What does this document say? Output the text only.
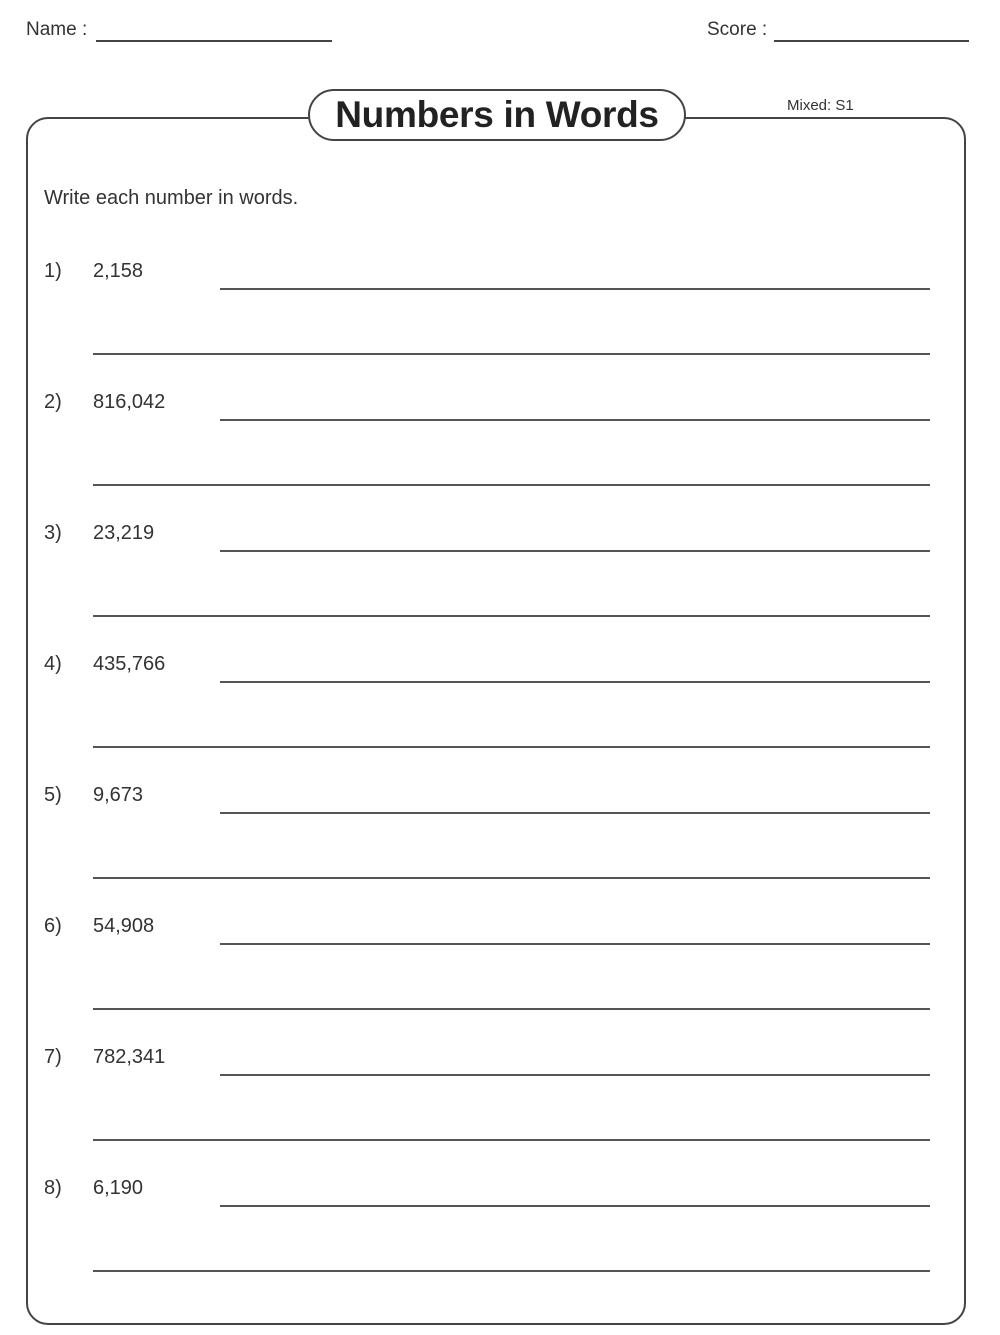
Name :	Score :
Numbers in Words	Mixed: S1
Write each number in words.
1) 2,158
2) 816,042
3) 23,219
4) 435,766
5) 9,673
6) 54,908
7) 782,341
8) 6,190
